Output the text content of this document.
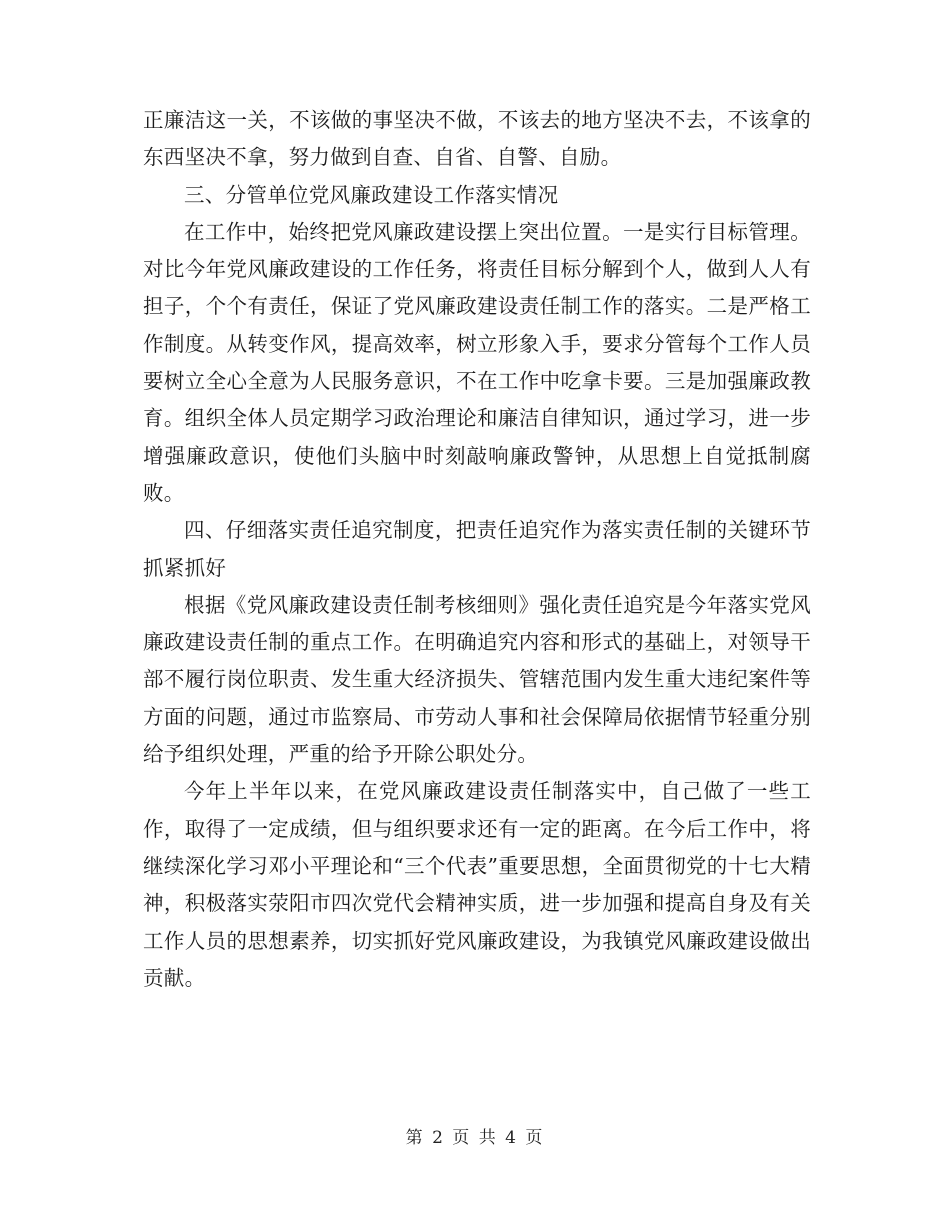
正廉洁这一关，不该做的事坚决不做，不该去的地方坚决不去，不该拿的东西坚决不拿，努力做到自查、自省、自警、自励。

三、分管单位党风廉政建设工作落实情况

在工作中，始终把党风廉政建设摆上突出位置。一是实行目标管理。对比今年党风廉政建设的工作任务，将责任目标分解到个人，做到人人有担子，个个有责任，保证了党风廉政建设责任制工作的落实。二是严格工作制度。从转变作风，提高效率，树立形象入手，要求分管每个工作人员要树立全心全意为人民服务意识，不在工作中吃拿卡要。三是加强廉政教育。组织全体人员定期学习政治理论和廉洁自律知识，通过学习，进一步增强廉政意识，使他们头脑中时刻敲响廉政警钟，从思想上自觉抵制腐败。

四、仔细落实责任追究制度，把责任追究作为落实责任制的关键环节抓紧抓好

根据《党风廉政建设责任制考核细则》强化责任追究是今年落实党风廉政建设责任制的重点工作。在明确追究内容和形式的基础上，对领导干部不履行岗位职责、发生重大经济损失、管辖范围内发生重大违纪案件等方面的问题，通过市监察局、市劳动人事和社会保障局依据情节轻重分别给予组织处理，严重的给予开除公职处分。

今年上半年以来，在党风廉政建设责任制落实中，自己做了一些工作，取得了一定成绩，但与组织要求还有一定的距离。在今后工作中，将继续深化学习邓小平理论和“三个代表”重要思想，全面贯彻党的十七大精神，积极落实荥阳市四次党代会精神实质，进一步加强和提高自身及有关工作人员的思想素养，切实抓好党风廉政建设，为我镇党风廉政建设做出贡献。

第 2 页 共 4 页
